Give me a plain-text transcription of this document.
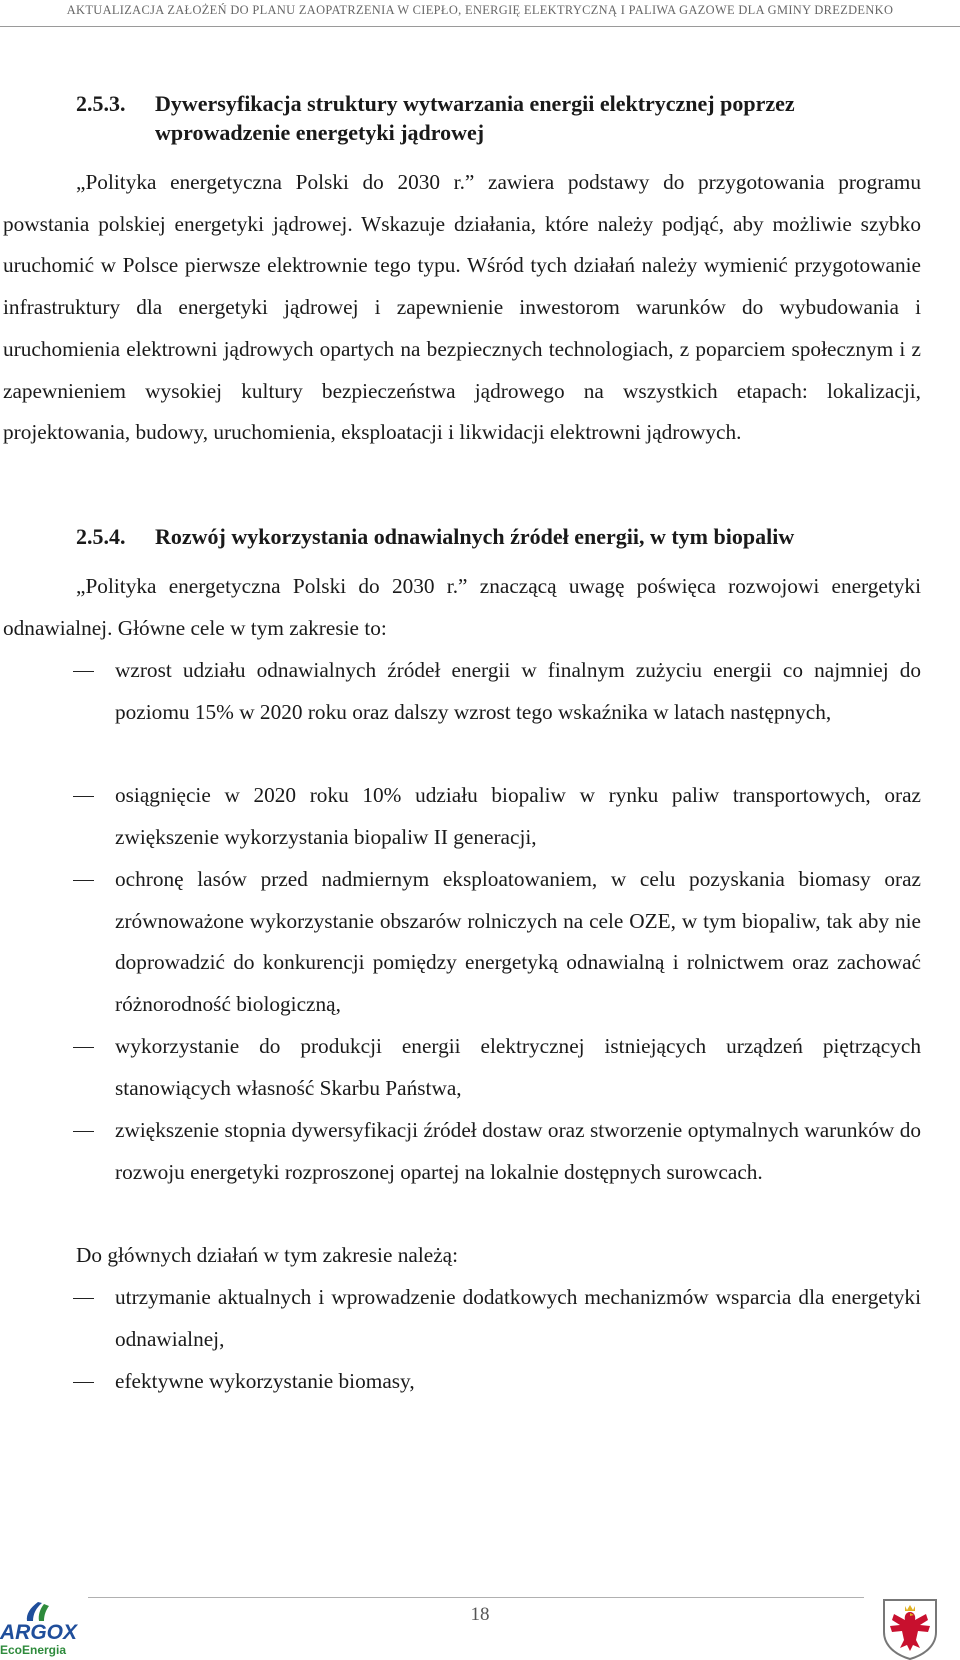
AKTUALIZACJA ZAŁOŻEŃ DO PLANU ZAOPATRZENIA W CIEPŁO, ENERGIĘ ELEKTRYCZNĄ I PALIWA GAZOWE DLA GMINY DREZDENKO
2.5.3. Dywersyfikacja struktury wytwarzania energii elektrycznej poprzez
wprowadzenie energetyki jądrowej
„Polityka energetyczna Polski do 2030 r.” zawiera podstawy do przygotowania programu powstania polskiej energetyki jądrowej. Wskazuje działania, które należy podjąć, aby możliwie szybko uruchomić w Polsce pierwsze elektrownie tego typu. Wśród tych działań należy wymienić przygotowanie infrastruktury dla energetyki jądrowej i zapewnienie inwestorom warunków do wybudowania i uruchomienia elektrowni jądrowych opartych na bezpiecznych technologiach, z poparciem społecznym i z zapewnieniem wysokiej kultury bezpieczeństwa jądrowego na wszystkich etapach: lokalizacji, projektowania, budowy, uruchomienia, eksploatacji i likwidacji elektrowni jądrowych.
2.5.4. Rozwój wykorzystania odnawialnych źródeł energii, w tym biopaliw
„Polityka energetyczna Polski do 2030 r.” znaczącą uwagę poświęca rozwojowi energetyki odnawialnej. Główne cele w tym zakresie to:
wzrost udziału odnawialnych źródeł energii w finalnym zużyciu energii co najmniej do poziomu 15% w 2020 roku oraz dalszy wzrost tego wskaźnika w latach następnych,
osiągnięcie w 2020 roku 10% udziału biopaliw w rynku paliw transportowych, oraz zwiększenie wykorzystania biopaliw II generacji,
ochronę lasów przed nadmiernym eksploatowaniem, w celu pozyskania biomasy oraz zrównoważone wykorzystanie obszarów rolniczych na cele OZE, w tym biopaliw, tak aby nie doprowadzić do konkurencji pomiędzy energetyką odnawialną i rolnictwem oraz zachować różnorodność biologiczną,
wykorzystanie do produkcji energii elektrycznej istniejących urządzeń piętrzących stanowiących własność Skarbu Państwa,
zwiększenie stopnia dywersyfikacji źródeł dostaw oraz stworzenie optymalnych warunków do rozwoju energetyki rozproszonej opartej na lokalnie dostępnych surowcach.
Do głównych działań w tym zakresie należą:
utrzymanie aktualnych i wprowadzenie dodatkowych mechanizmów wsparcia dla energetyki odnawialnej,
efektywne wykorzystanie biomasy,
18
ARGOX
EcoEnergia
